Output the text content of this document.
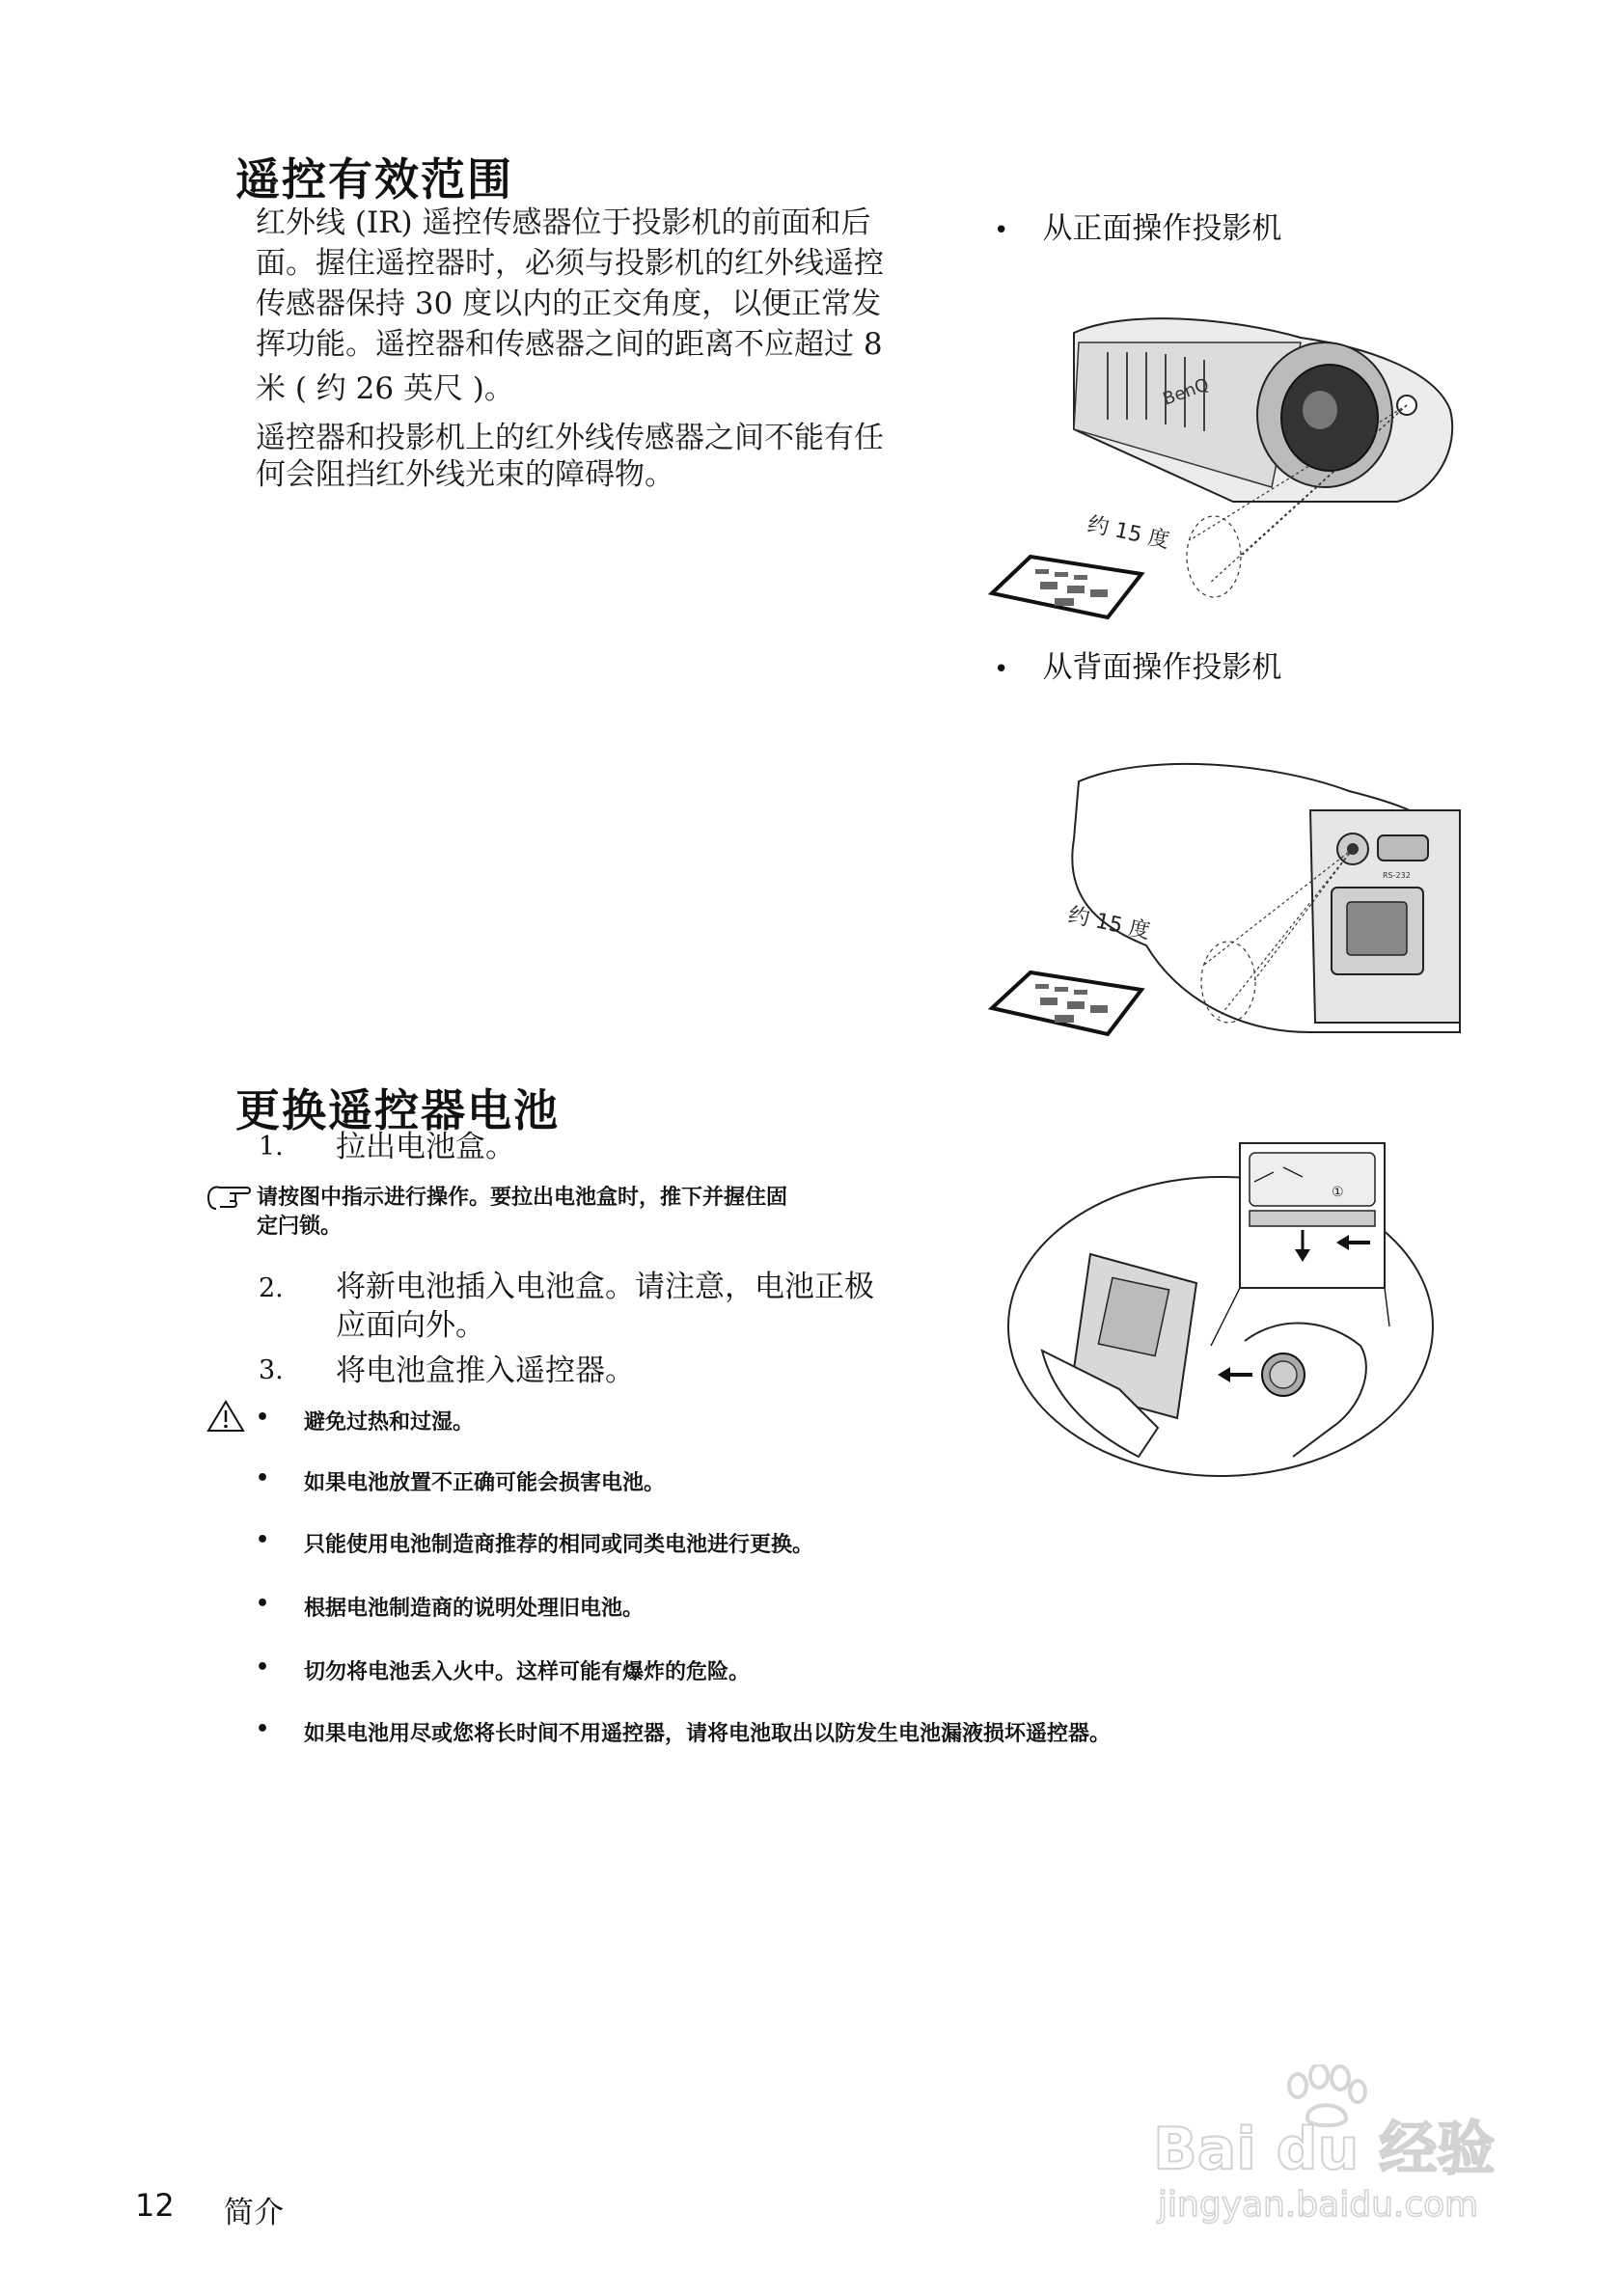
遥控有效范围
红外线 (IR) 遥控传感器位于投影机的前面和后
面。握住遥控器时，必须与投影机的红外线遥控
传感器保持 30 度以内的正交角度，以便正常发
挥功能。遥控器和传感器之间的距离不应超过 8
米 ( 约 26 英尺 )。
遥控器和投影机上的红外线传感器之间不能有任
何会阻挡红外线光束的障碍物。
• 从正面操作投影机
BenQ
约 15 度
• 从背面操作投影机
RS-232
约 15 度
更换遥控器电池
1. 拉出电池盒。
请按图中指示进行操作。要拉出电池盒时，推下并握住固
定闩锁。
2. 将新电池插入电池盒。请注意，电池正极
应面向外。
3. 将电池盒推入遥控器。
①
• 避免过热和过湿。
• 如果电池放置不正确可能会损害电池。
• 只能使用电池制造商推荐的相同或同类电池进行更换。
• 根据电池制造商的说明处理旧电池。
• 切勿将电池丢入火中。这样可能有爆炸的危险。
• 如果电池用尽或您将长时间不用遥控器，请将电池取出以防发生电池漏液损坏遥控器。
12 简介
Bai du 经验
jingyan.baidu.com
